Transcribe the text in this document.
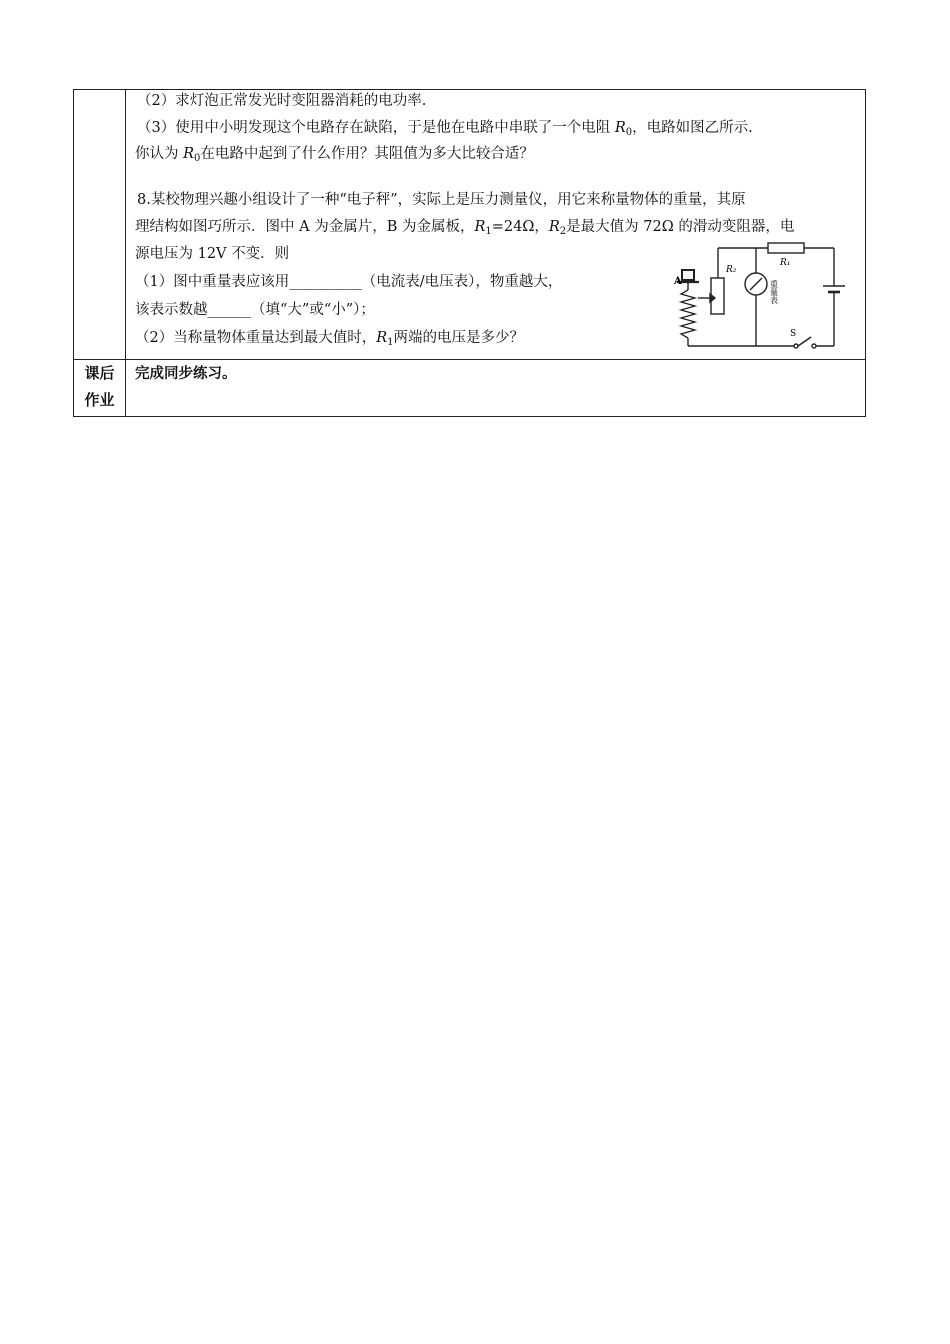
（2）求灯泡正常发光时变阻器消耗的电功率.
（3）使用中小明发现这个电路存在缺陷，于是他在电路中串联了一个电阻 $R_0$，电路如图乙所示.
你认为 $R_0$在电路中起到了什么作用？其阻值为多大比较合适？
8.某校物理兴趣小组设计了一种“电子秤”，实际上是压力测量仪，用它来称量物体的重量，其原
理结构如图巧所示．图中 A 为金属片，B 为金属板，$R_1=24\Omega$，$R_2$是最大值为 72Ω 的滑动变阻器，电
源电压为 12V 不变．则
（1）图中重量表应该用__________（电流表/电压表），物重越大，
该表示数越______（填“大”或“小”）；
（2）当称量物体重量达到最大值时，$R_1$两端的电压是多少？
A
R₂
R₁
重量表
S
课后
作业
完成同步练习。
